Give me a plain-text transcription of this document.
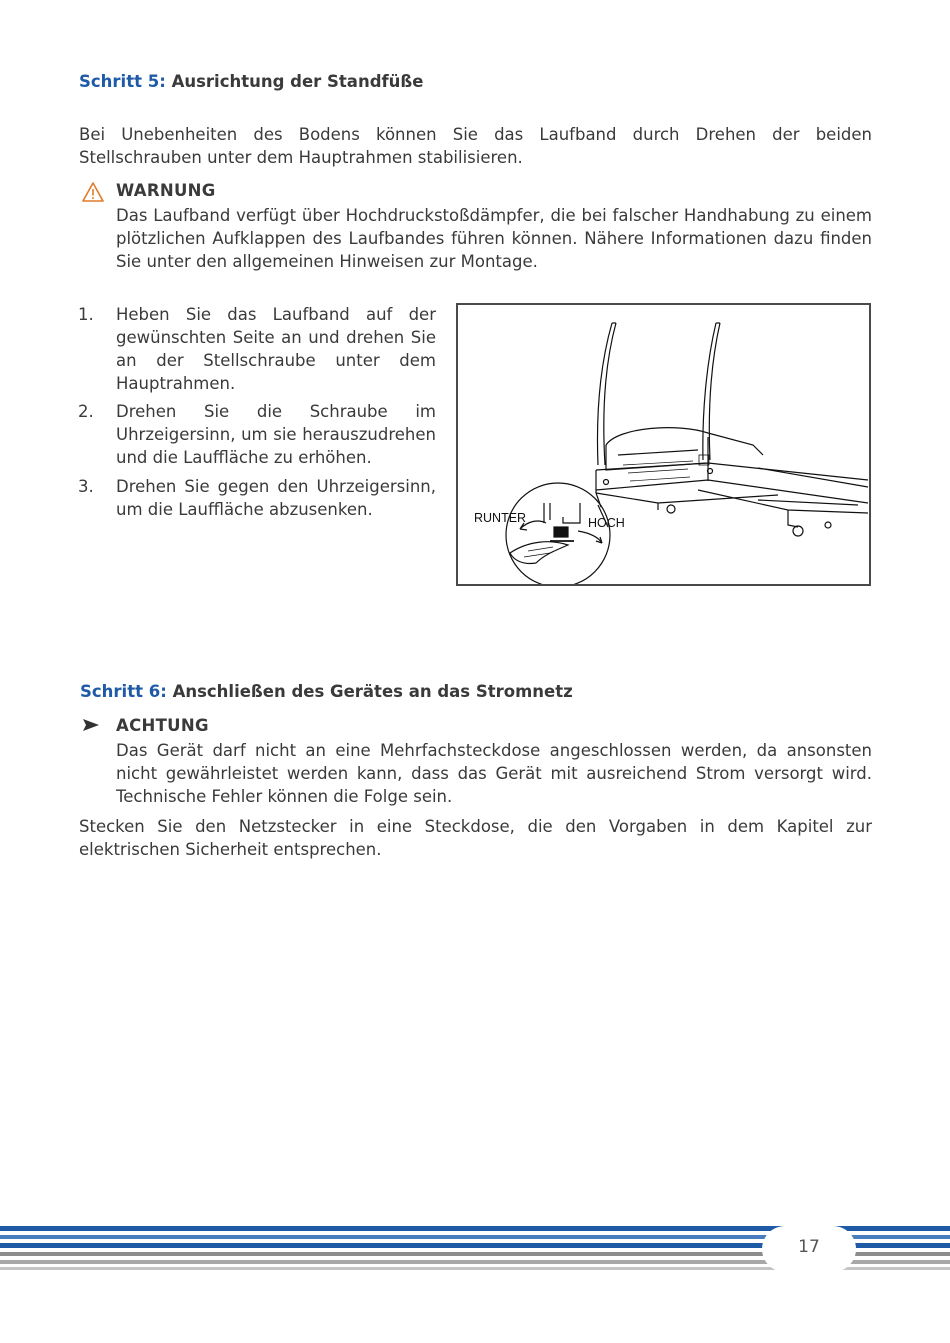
Schritt 5: Ausrichtung der Standfüße
Bei Unebenheiten des Bodens können Sie das Laufband durch Drehen der beiden Stellschrauben unter dem Hauptrahmen stabilisieren.
WARNUNG
Das Laufband verfügt über Hochdruckstoßdämpfer, die bei falscher Handhabung zu einem plötzlichen Aufklappen des Laufbandes führen können. Nähere Informationen dazu finden Sie unter den allgemeinen Hinweisen zur Montage.
1. Heben Sie das Laufband auf der gewünschten Seite an und drehen Sie an der Stellschraube unter dem Hauptrahmen.
2. Drehen Sie die Schraube im Uhrzeigersinn, um sie herauszudrehen und die Lauffläche zu erhöhen.
3. Drehen Sie gegen den Uhrzeigersinn, um die Lauffläche abzusenken.	RUNTER	HOCH
Schritt 6: Anschließen des Gerätes an das Stromnetz
ACHTUNG
Das Gerät darf nicht an eine Mehrfachsteckdose angeschlossen werden, da ansonsten nicht gewährleistet werden kann, dass das Gerät mit ausreichend Strom versorgt wird. Technische Fehler können die Folge sein.
Stecken Sie den Netzstecker in eine Steckdose, die den Vorgaben in dem Kapitel zur elektrischen Sicherheit entsprechen.
17
